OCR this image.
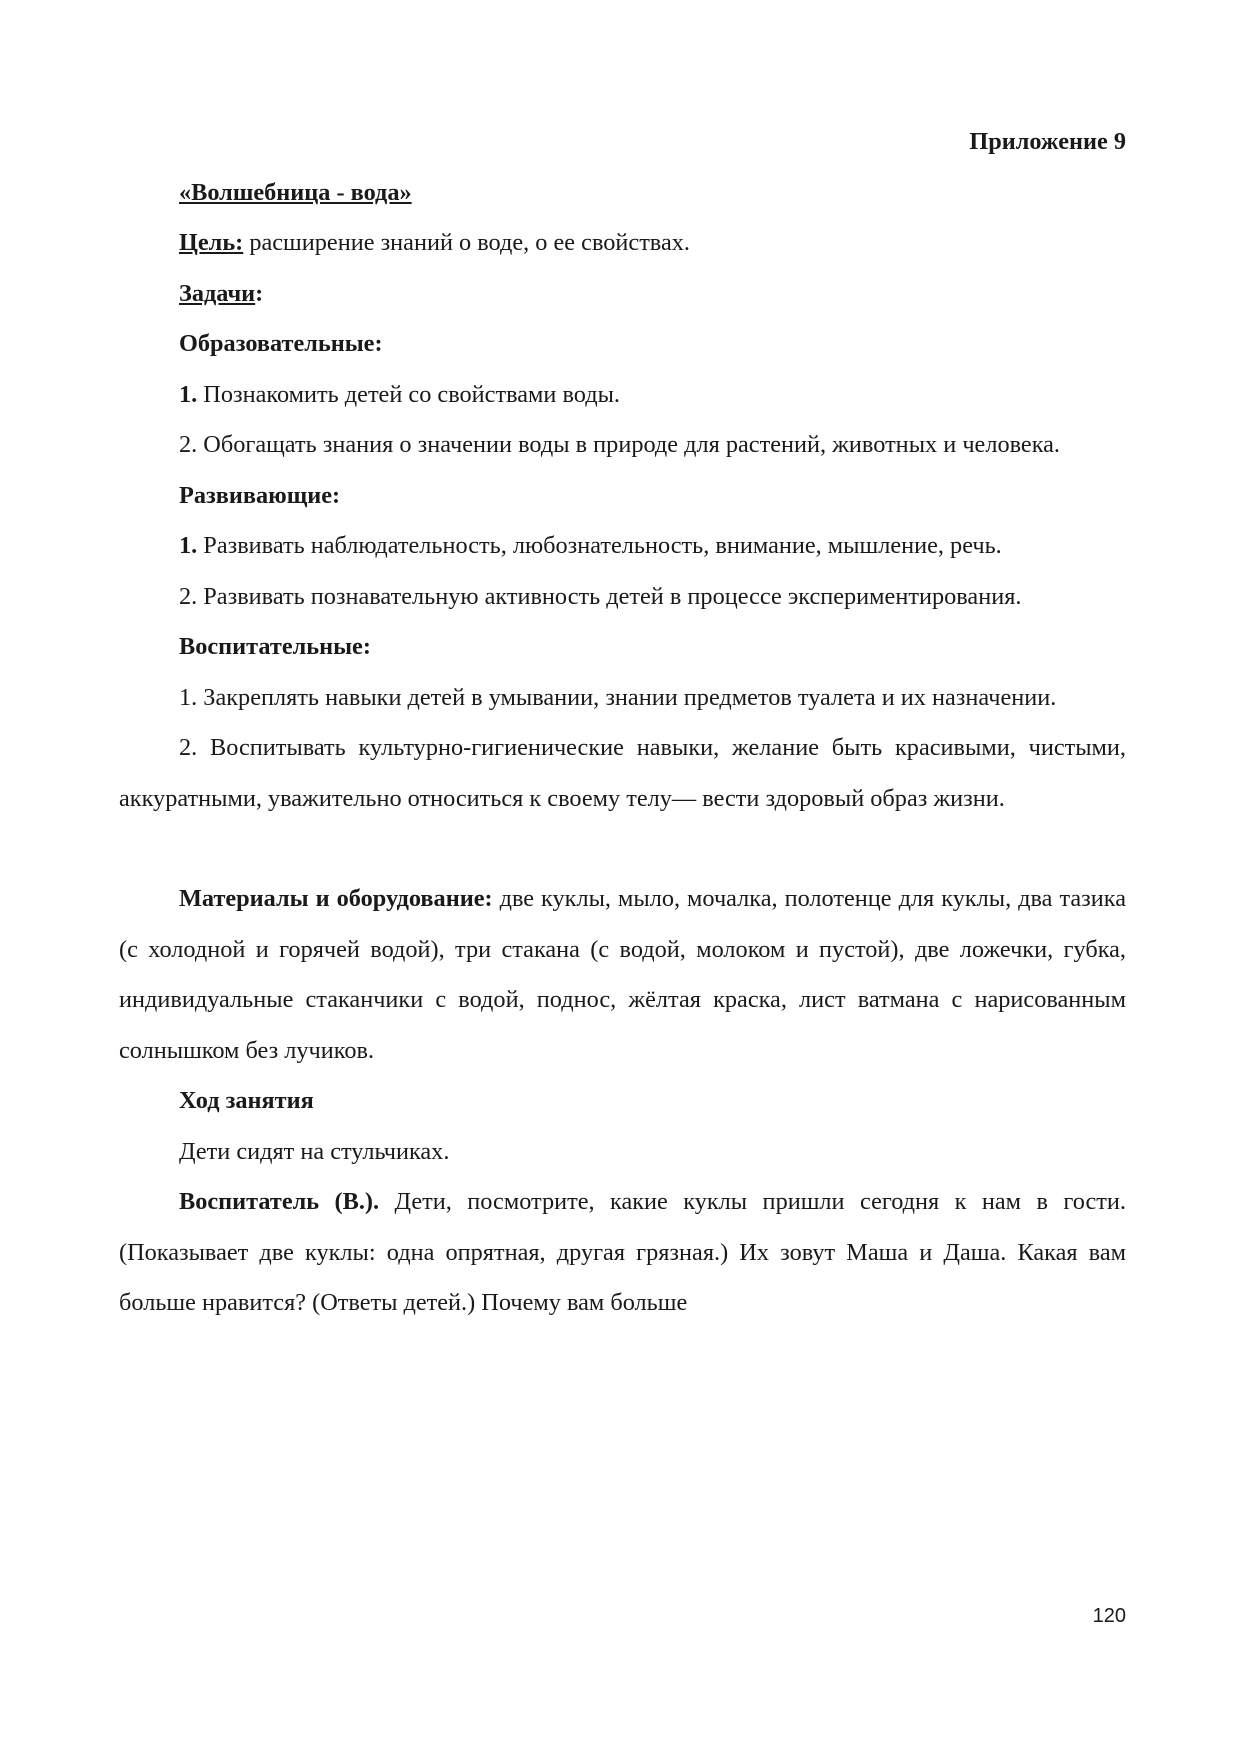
Приложение 9

«Волшебница - вода»

Цель: расширение знаний о воде, о ее свойствах.

Задачи:

Образовательные:

1. Познакомить детей со свойствами воды.

2. Обогащать знания о значении воды в природе для растений, животных и человека.

Развивающие:

1. Развивать наблюдательность, любознательность, внимание, мышление, речь.

2. Развивать познавательную активность детей в процессе экспериментирования.

Воспитательные:

1. Закреплять навыки детей в умывании, знании предметов туалета и их назначении.

2. Воспитывать культурно-гигиенические навыки, желание быть красивыми, чистыми, аккуратными, уважительно относиться к своему телу— вести здоровый образ жизни.

Материалы и оборудование: две куклы, мыло, мочалка, полотенце для куклы, два тазика (с холодной и горячей водой), три стакана (с водой, молоком и пустой), две ложечки, губка, индивидуальные стаканчики с водой, поднос, жёлтая краска, лист ватмана с нарисованным солнышком без лучиков.

Ход занятия

Дети сидят на стульчиках.

Воспитатель (В.). Дети, посмотрите, какие куклы пришли сегодня к нам в гости. (Показывает две куклы: одна опрятная, другая грязная.) Их зовут Маша и Даша. Какая вам больше нравится? (Ответы детей.) Почему вам больше

120
